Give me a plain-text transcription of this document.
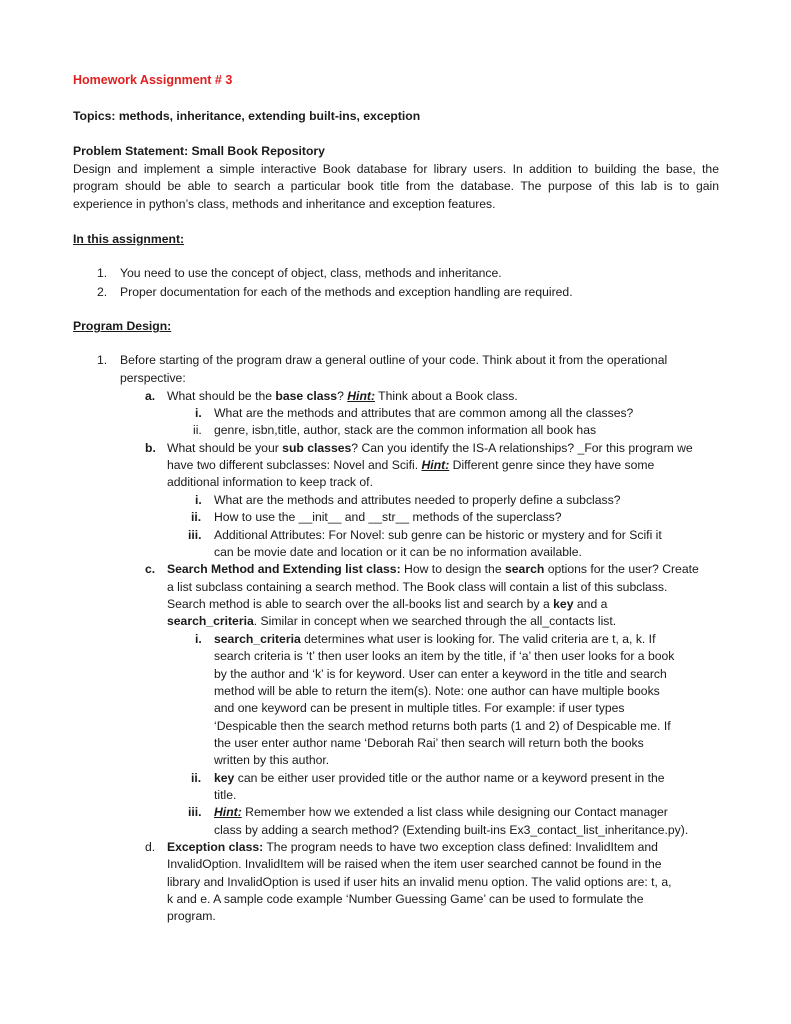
Homework Assignment # 3
Topics: methods, inheritance, extending built-ins, exception
Problem Statement: Small Book Repository
Design and implement a simple interactive Book database for library users. In addition to building the base, the
program should be able to search a particular book title from the database. The purpose of this lab is to gain
experience in python’s class, methods and inheritance and exception features.
In this assignment:
1. You need to use the concept of object, class, methods and inheritance.
2. Proper documentation for each of the methods and exception handling are required.
Program Design:
1. Before starting of the program draw a general outline of your code. Think about it from the operational
perspective:
a. What should be the base class? Hint: Think about a Book class.
i. What are the methods and attributes that are common among all the classes?
ii. genre, isbn,title, author, stack are the common information all book has
b. What should be your sub classes? Can you identify the IS-A relationships? _For this program we
have two different subclasses: Novel and Scifi. Hint: Different genre since they have some
additional information to keep track of.
i. What are the methods and attributes needed to properly define a subclass?
ii. How to use the __init__ and __str__ methods of the superclass?
iii. Additional Attributes: For Novel: sub genre can be historic or mystery and for Scifi it
can be movie date and location or it can be no information available.
c. Search Method and Extending list class: How to design the search options for the user? Create
a list subclass containing a search method. The Book class will contain a list of this subclass.
Search method is able to search over the all-books list and search by a key and a
search_criteria. Similar in concept when we searched through the all_contacts list.
i. search_criteria determines what user is looking for. The valid criteria are t, a, k. If
search criteria is ‘t’ then user looks an item by the title, if ‘a’ then user looks for a book
by the author and ‘k’ is for keyword. User can enter a keyword in the title and search
method will be able to return the item(s). Note: one author can have multiple books
and one keyword can be present in multiple titles. For example: if user types
‘Despicable then the search method returns both parts (1 and 2) of Despicable me. If
the user enter author name ‘Deborah Rai’ then search will return both the books
written by this author.
ii. key can be either user provided title or the author name or a keyword present in the
title.
iii. Hint: Remember how we extended a list class while designing our Contact manager
class by adding a search method? (Extending built-ins Ex3_contact_list_inheritance.py).
d. Exception class: The program needs to have two exception class defined: InvalidItem and
InvalidOption. InvalidItem will be raised when the item user searched cannot be found in the
library and InvalidOption is used if user hits an invalid menu option. The valid options are: t, a,
k and e. A sample code example ‘Number Guessing Game’ can be used to formulate the
program.
